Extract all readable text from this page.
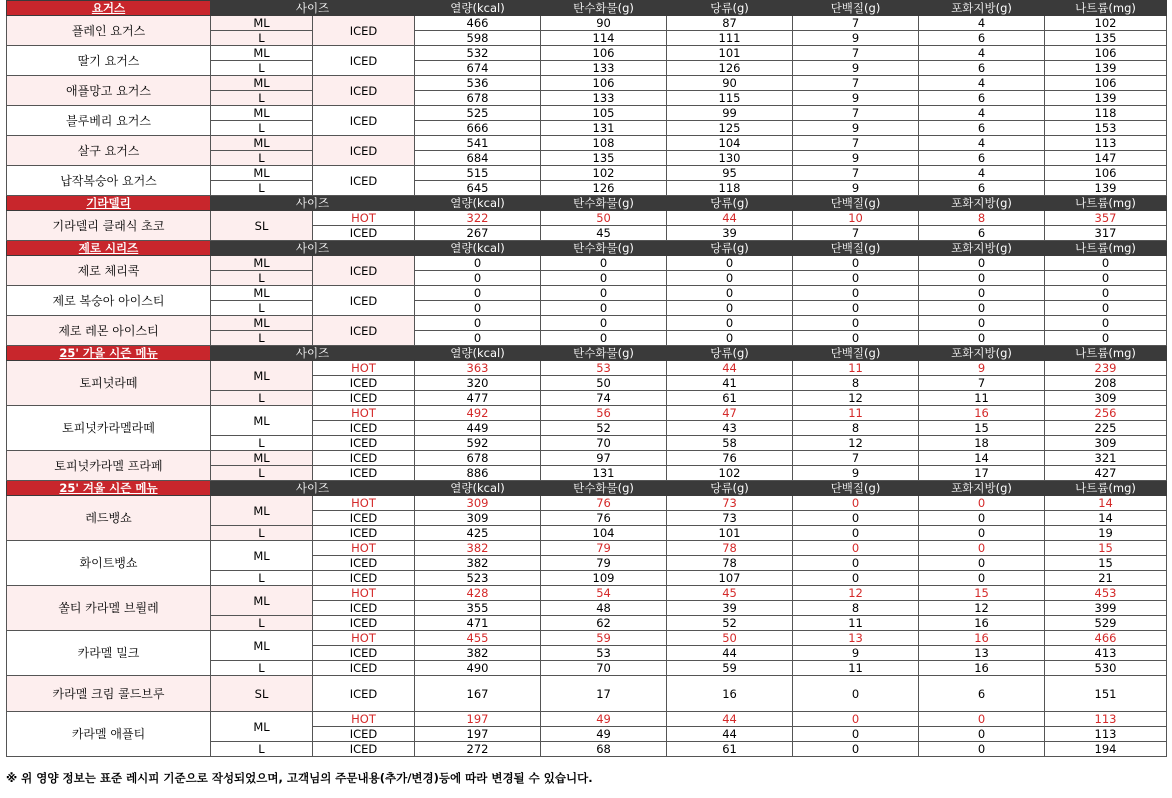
요거스	사이즈		열량(kcal)	탄수화물(g)	당류(g)	단백질(g)	포화지방(g)	나트륨(mg)
플레인 요거스	ML	ICED	466	90	87	7	4	102
	L		598	114	111	9	6	135
딸기 요거스	ML	ICED	532	106	101	7	4	106
	L		674	133	126	9	6	139
애플망고 요거스	ML	ICED	536	106	90	7	4	106
	L		678	133	115	9	6	139
블루베리 요거스	ML	ICED	525	105	99	7	4	118
	L		666	131	125	9	6	153
살구 요거스	ML	ICED	541	108	104	7	4	113
	L		684	135	130	9	6	147
납작복숭아 요거스	ML	ICED	515	102	95	7	4	106
	L		645	126	118	9	6	139
기라델리	사이즈		열량(kcal)	탄수화물(g)	당류(g)	단백질(g)	포화지방(g)	나트륨(mg)
기라델리 클래식 초코	SL	HOT	322	50	44	10	8	357
		ICED	267	45	39	7	6	317
제로 시리즈	사이즈		열량(kcal)	탄수화물(g)	당류(g)	단백질(g)	포화지방(g)	나트륨(mg)
제로 체리콕	ML	ICED	0	0	0	0	0	0
	L		0	0	0	0	0	0
제로 복숭아 아이스티	ML	ICED	0	0	0	0	0	0
	L		0	0	0	0	0	0
제로 레몬 아이스티	ML	ICED	0	0	0	0	0	0
	L		0	0	0	0	0	0
25' 가을 시즌 메뉴	사이즈		열량(kcal)	탄수화물(g)	당류(g)	단백질(g)	포화지방(g)	나트륨(mg)
토피넛라떼	ML	HOT	363	53	44	11	9	239
		ICED	320	50	41	8	7	208
	L	ICED	477	74	61	12	11	309
토피넛카라멜라떼	ML	HOT	492	56	47	11	16	256
		ICED	449	52	43	8	15	225
	L	ICED	592	70	58	12	18	309
토피넛카라멜 프라페	ML	ICED	678	97	76	7	14	321
	L	ICED	886	131	102	9	17	427
25' 겨울 시즌 메뉴	사이즈		열량(kcal)	탄수화물(g)	당류(g)	단백질(g)	포화지방(g)	나트륨(mg)
레드뱅쇼	ML	HOT	309	76	73	0	0	14
		ICED	309	76	73	0	0	14
	L	ICED	425	104	101	0	0	19
화이트뱅쇼	ML	HOT	382	79	78	0	0	15
		ICED	382	79	78	0	0	15
	L	ICED	523	109	107	0	0	21
쏠티 카라멜 브륄레	ML	HOT	428	54	45	12	15	453
		ICED	355	48	39	8	12	399
	L	ICED	471	62	52	11	16	529
카라멜 밀크	ML	HOT	455	59	50	13	16	466
		ICED	382	53	44	9	13	413
	L	ICED	490	70	59	11	16	530
카라멜 크림 콜드브루	SL	ICED	167	17	16	0	6	151
카라멜 애플티	ML	HOT	197	49	44	0	0	113
		ICED	197	49	44	0	0	113
	L	ICED	272	68	61	0	0	194
※ 위 영양 정보는 표준 레시피 기준으로 작성되었으며, 고객님의 주문내용(추가/변경)등에 따라 변경될 수 있습니다.
